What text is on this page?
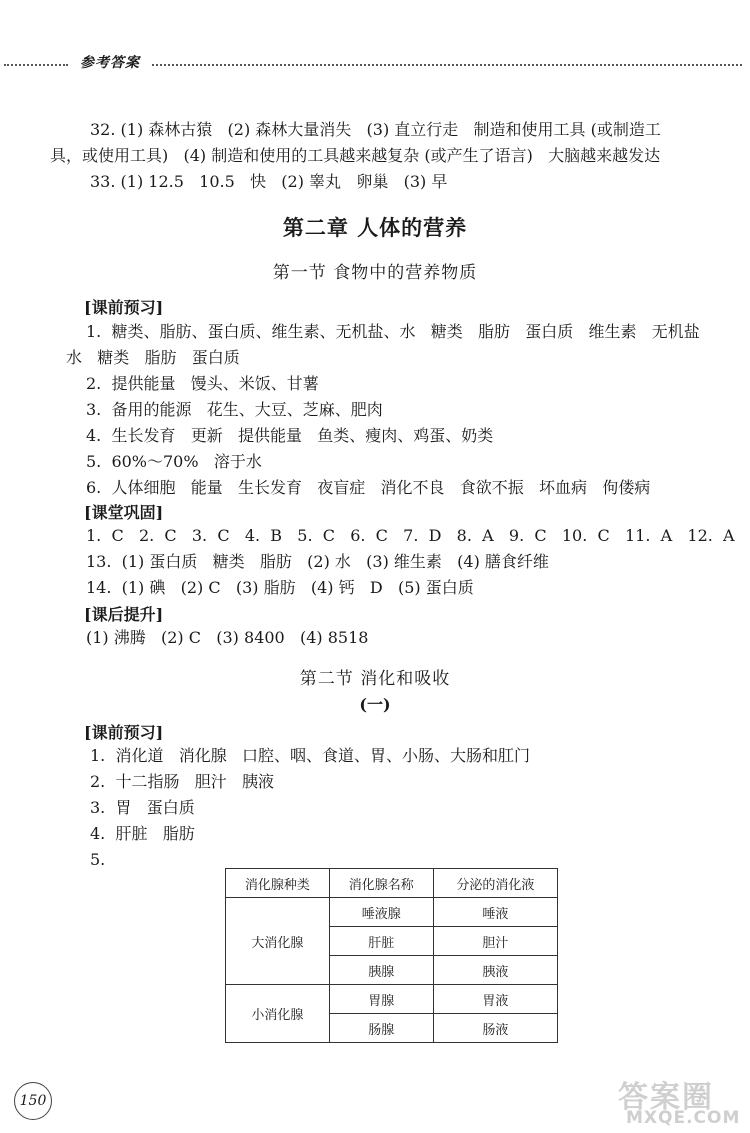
参考答案
32. (1) 森林古猿   (2) 森林大量消失   (3) 直立行走   制造和使用工具 (或制造工
具，或使用工具)   (4) 制造和使用的工具越来越复杂 (或产生了语言)   大脑越来越发达
33. (1) 12.5   10.5   快   (2) 睾丸   卵巢   (3) 早
第二章 人体的营养
第一节 食物中的营养物质
[课前预习]
1.  糖类、脂肪、蛋白质、维生素、无机盐、水   糖类   脂肪   蛋白质   维生素   无机盐
水   糖类   脂肪   蛋白质
2.  提供能量   馒头、米饭、甘薯
3.  备用的能源   花生、大豆、芝麻、肥肉
4.  生长发育   更新   提供能量   鱼类、瘦肉、鸡蛋、奶类
5.  60%～70%   溶于水
6.  人体细胞   能量   生长发育   夜盲症   消化不良   食欲不振   坏血病   佝偻病
[课堂巩固]
1.  C   2.  C   3.  C   4.  B   5.  C   6.  C   7.  D   8.  A   9.  C   10.  C   11.  A   12.  A
13.  (1) 蛋白质   糖类   脂肪   (2) 水   (3) 维生素   (4) 膳食纤维
14.  (1) 碘   (2) C   (3) 脂肪   (4) 钙   D   (5) 蛋白质
[课后提升]
(1) 沸腾   (2) C   (3) 8400   (4) 8518
第二节 消化和吸收
(一)
[课前预习]
1.  消化道   消化腺   口腔、咽、食道、胃、小肠、大肠和肛门
2.  十二指肠   胆汁   胰液
3.  胃   蛋白质
4.  肝脏   脂肪
5.
消化腺种类	消化腺名称	分泌的消化液
大消化腺	唾液腺	唾液
	肝脏	胆汁
	胰腺	胰液
小消化腺	胃腺	胃液
	肠腺	肠液
150	答案圈
MXQE.COM
